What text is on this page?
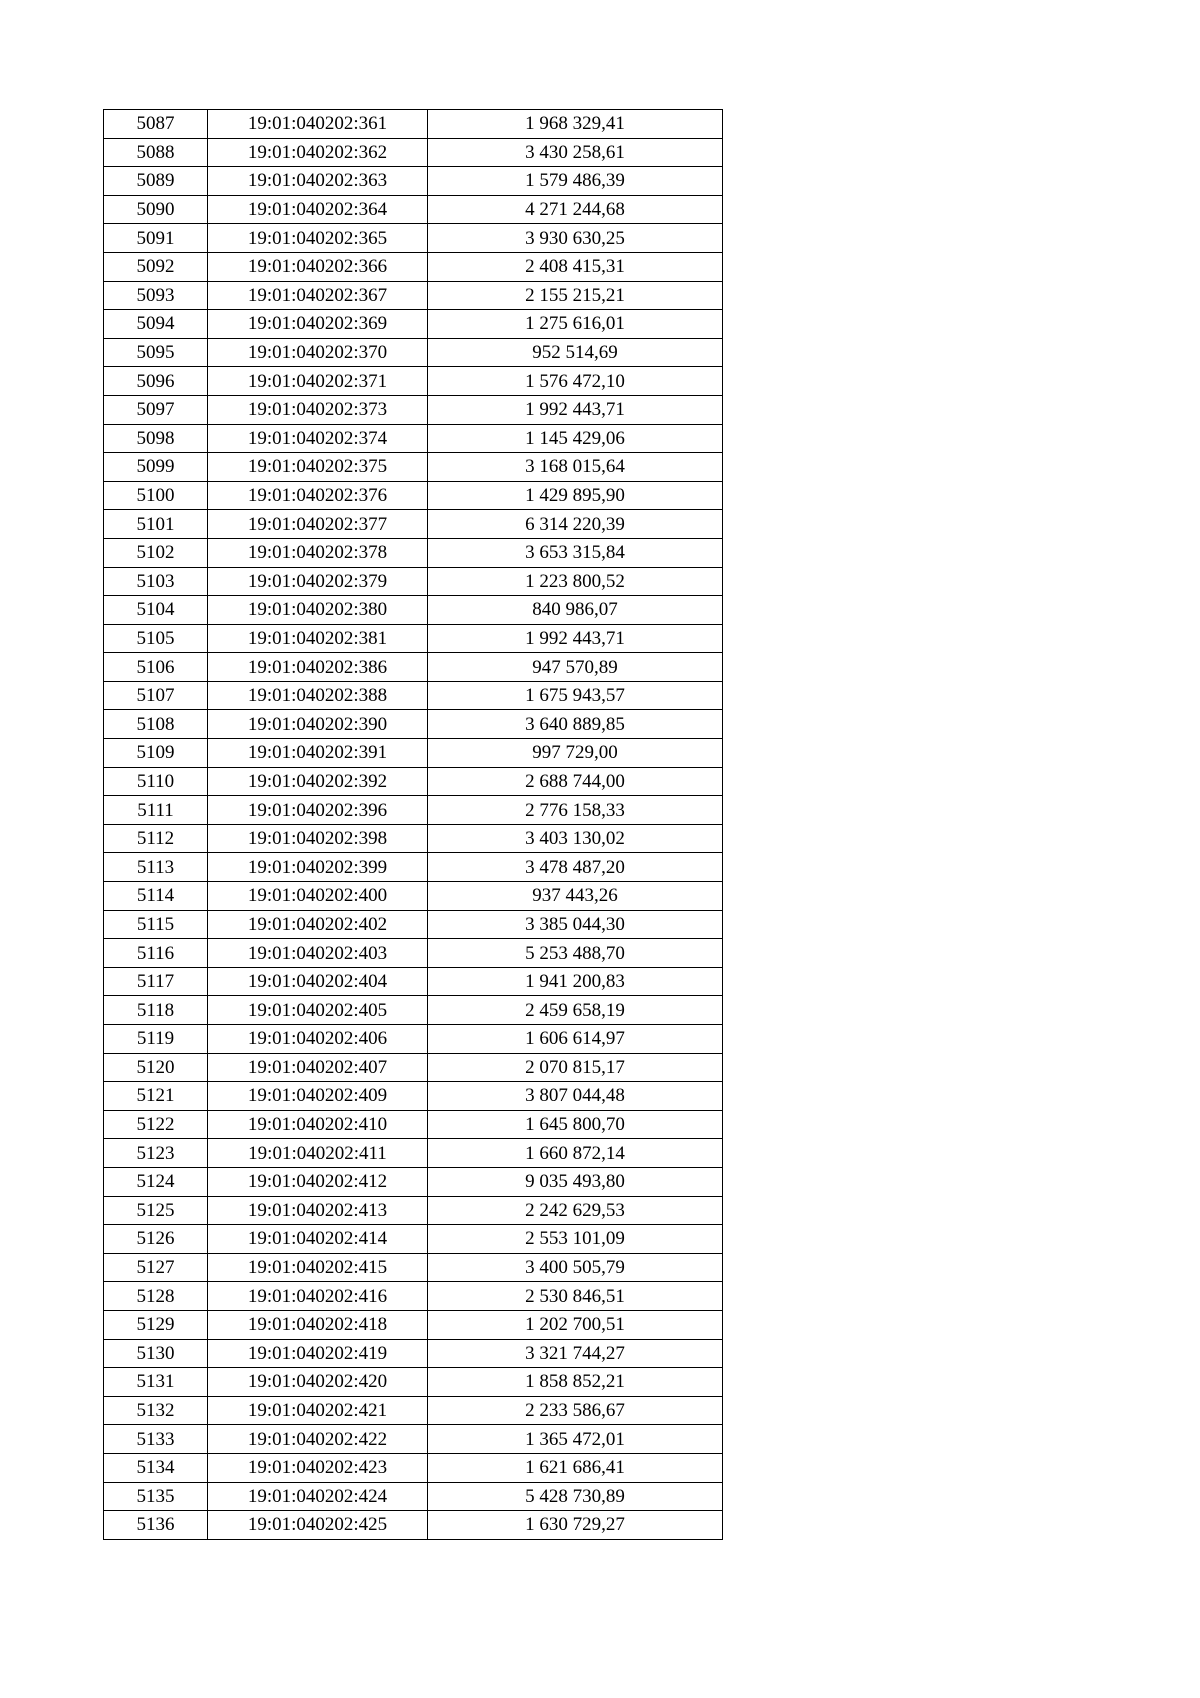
5087	19:01:040202:361	1 968 329,41
5088	19:01:040202:362	3 430 258,61
5089	19:01:040202:363	1 579 486,39
5090	19:01:040202:364	4 271 244,68
5091	19:01:040202:365	3 930 630,25
5092	19:01:040202:366	2 408 415,31
5093	19:01:040202:367	2 155 215,21
5094	19:01:040202:369	1 275 616,01
5095	19:01:040202:370	952 514,69
5096	19:01:040202:371	1 576 472,10
5097	19:01:040202:373	1 992 443,71
5098	19:01:040202:374	1 145 429,06
5099	19:01:040202:375	3 168 015,64
5100	19:01:040202:376	1 429 895,90
5101	19:01:040202:377	6 314 220,39
5102	19:01:040202:378	3 653 315,84
5103	19:01:040202:379	1 223 800,52
5104	19:01:040202:380	840 986,07
5105	19:01:040202:381	1 992 443,71
5106	19:01:040202:386	947 570,89
5107	19:01:040202:388	1 675 943,57
5108	19:01:040202:390	3 640 889,85
5109	19:01:040202:391	997 729,00
5110	19:01:040202:392	2 688 744,00
5111	19:01:040202:396	2 776 158,33
5112	19:01:040202:398	3 403 130,02
5113	19:01:040202:399	3 478 487,20
5114	19:01:040202:400	937 443,26
5115	19:01:040202:402	3 385 044,30
5116	19:01:040202:403	5 253 488,70
5117	19:01:040202:404	1 941 200,83
5118	19:01:040202:405	2 459 658,19
5119	19:01:040202:406	1 606 614,97
5120	19:01:040202:407	2 070 815,17
5121	19:01:040202:409	3 807 044,48
5122	19:01:040202:410	1 645 800,70
5123	19:01:040202:411	1 660 872,14
5124	19:01:040202:412	9 035 493,80
5125	19:01:040202:413	2 242 629,53
5126	19:01:040202:414	2 553 101,09
5127	19:01:040202:415	3 400 505,79
5128	19:01:040202:416	2 530 846,51
5129	19:01:040202:418	1 202 700,51
5130	19:01:040202:419	3 321 744,27
5131	19:01:040202:420	1 858 852,21
5132	19:01:040202:421	2 233 586,67
5133	19:01:040202:422	1 365 472,01
5134	19:01:040202:423	1 621 686,41
5135	19:01:040202:424	5 428 730,89
5136	19:01:040202:425	1 630 729,27
